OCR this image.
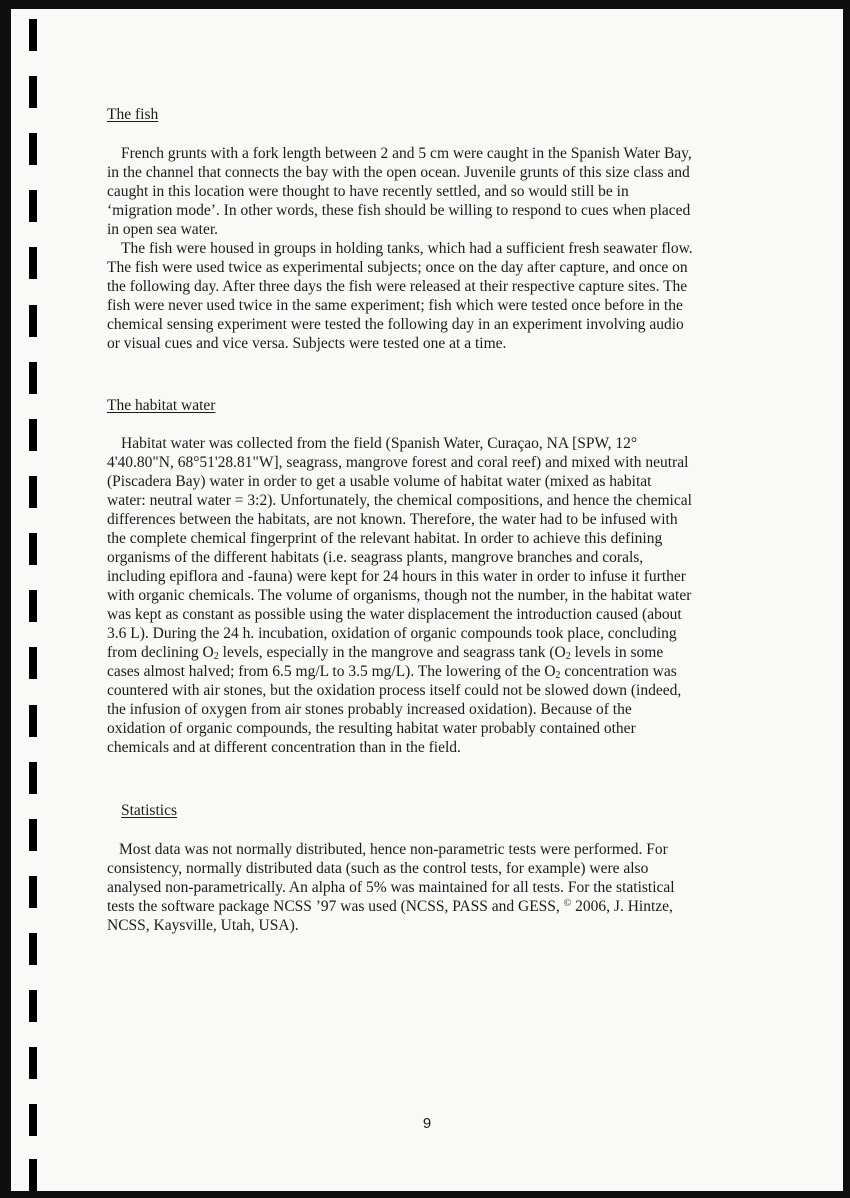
The fish
French grunts with a fork length between 2 and 5 cm were caught in the Spanish Water Bay,
in the channel that connects the bay with the open ocean. Juvenile grunts of this size class and
caught in this location were thought to have recently settled, and so would still be in
‘migration mode’. In other words, these fish should be willing to respond to cues when placed
in open sea water.
The fish were housed in groups in holding tanks, which had a sufficient fresh seawater flow.
The fish were used twice as experimental subjects; once on the day after capture, and once on
the following day. After three days the fish were released at their respective capture sites. The
fish were never used twice in the same experiment; fish which were tested once before in the
chemical sensing experiment were tested the following day in an experiment involving audio
or visual cues and vice versa. Subjects were tested one at a time.
The habitat water
Habitat water was collected from the field (Spanish Water, Curaçao, NA [SPW, 12°
4'40.80"N, 68°51'28.81"W], seagrass, mangrove forest and coral reef) and mixed with neutral
(Piscadera Bay) water in order to get a usable volume of habitat water (mixed as habitat
water: neutral water = 3:2). Unfortunately, the chemical compositions, and hence the chemical
differences between the habitats, are not known. Therefore, the water had to be infused with
the complete chemical fingerprint of the relevant habitat. In order to achieve this defining
organisms of the different habitats (i.e. seagrass plants, mangrove branches and corals,
including epiflora and -fauna) were kept for 24 hours in this water in order to infuse it further
with organic chemicals. The volume of organisms, though not the number, in the habitat water
was kept as constant as possible using the water displacement the introduction caused (about
3.6 L). During the 24 h. incubation, oxidation of organic compounds took place, concluding
from declining $O_2$ levels, especially in the mangrove and seagrass tank ($O_2$ levels in some
cases almost halved; from 6.5 mg/L to 3.5 mg/L). The lowering of the $O_2$ concentration was
countered with air stones, but the oxidation process itself could not be slowed down (indeed,
the infusion of oxygen from air stones probably increased oxidation). Because of the
oxidation of organic compounds, the resulting habitat water probably contained other
chemicals and at different concentration than in the field.
Statistics
Most data was not normally distributed, hence non-parametric tests were performed. For
consistency, normally distributed data (such as the control tests, for example) were also
analysed non-parametrically. An alpha of 5% was maintained for all tests. For the statistical
tests the software package NCSS ’97 was used (NCSS, PASS and GESS, © 2006, J. Hintze,
NCSS, Kaysville, Utah, USA).
9
